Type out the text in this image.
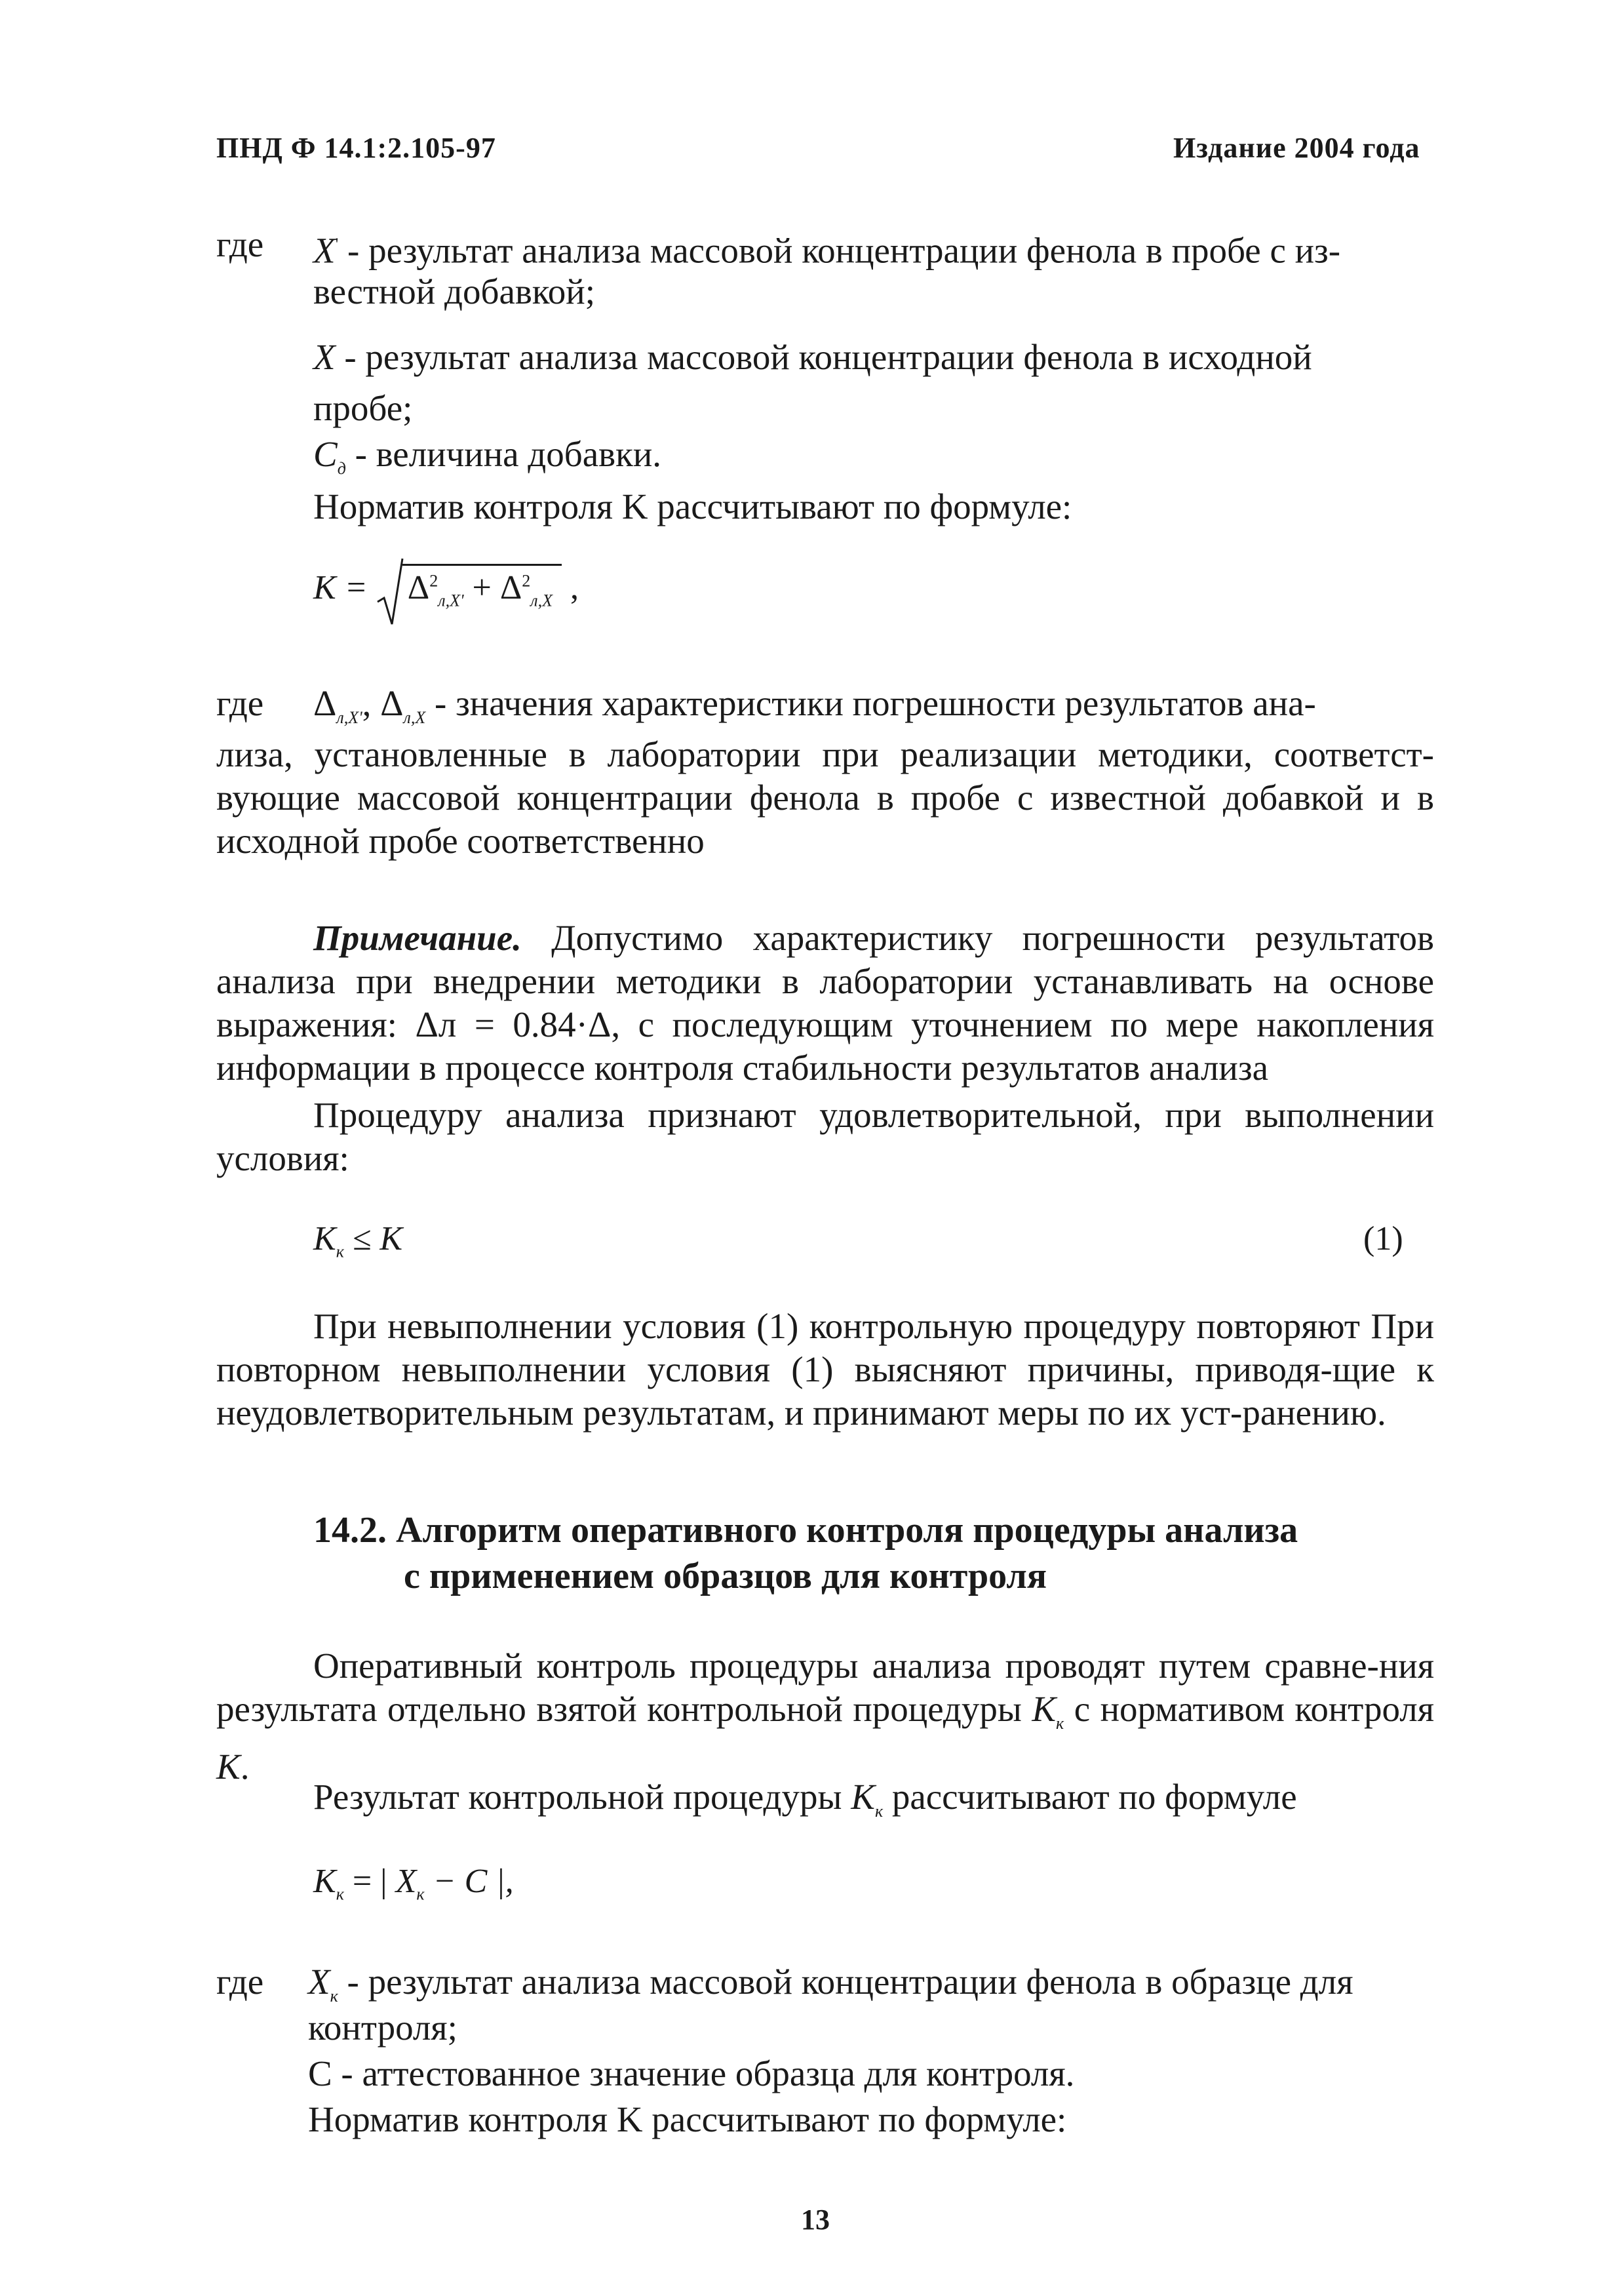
ПНД Ф 14.1:2.105-97	Издание 2004 года
где X' - результат анализа массовой концентрации фенола в пробе с из-
вестной добавкой;
X - результат анализа массовой концентрации фенола в исходной
пробе;
$C_д$ - величина добавки.
Норматив контроля K рассчитывают по формуле:
$K = \Delta^2_{л,X'} + \Delta^2_{л,X}$ ,
где $\Delta_{л,X'}$, $\Delta_{л,X}$ - значения характеристики погрешности результатов ана-
лиза, установленные в лаборатории при реализации методики, соответст-вующие массовой концентрации фенола в пробе с известной добавкой и в исходной пробе соответственно
Примечание. Допустимо характеристику погрешности результатов анализа при внедрении методики в лаборатории устанавливать на основе выражения: Δл = 0.84·Δ, с последующим уточнением по мере накопления информации в процессе контроля стабильности результатов анализа
Процедуру анализа признают удовлетворительной, при выполнении условия:
$K_к \le K$	(1)
При невыполнении условия (1) контрольную процедуру повторяют При повторном невыполнении условия (1) выясняют причины, приводя-щие к неудовлетворительным результатам, и принимают меры по их уст-ранению.
14.2. Алгоритм оперативного контроля процедуры анализа
с применением образцов для контроля
Оперативный контроль процедуры анализа проводят путем сравне-ния результата отдельно взятой контрольной процедуры $K_к$ с нормативом контроля K.
Результат контрольной процедуры $K_к$ рассчитывают по формуле
$K_к$ = | $X_к - C$ |,
где $X_к$ - результат анализа массовой концентрации фенола в образце для
контроля;
C - аттестованное значение образца для контроля.
Норматив контроля K рассчитывают по формуле:
13
